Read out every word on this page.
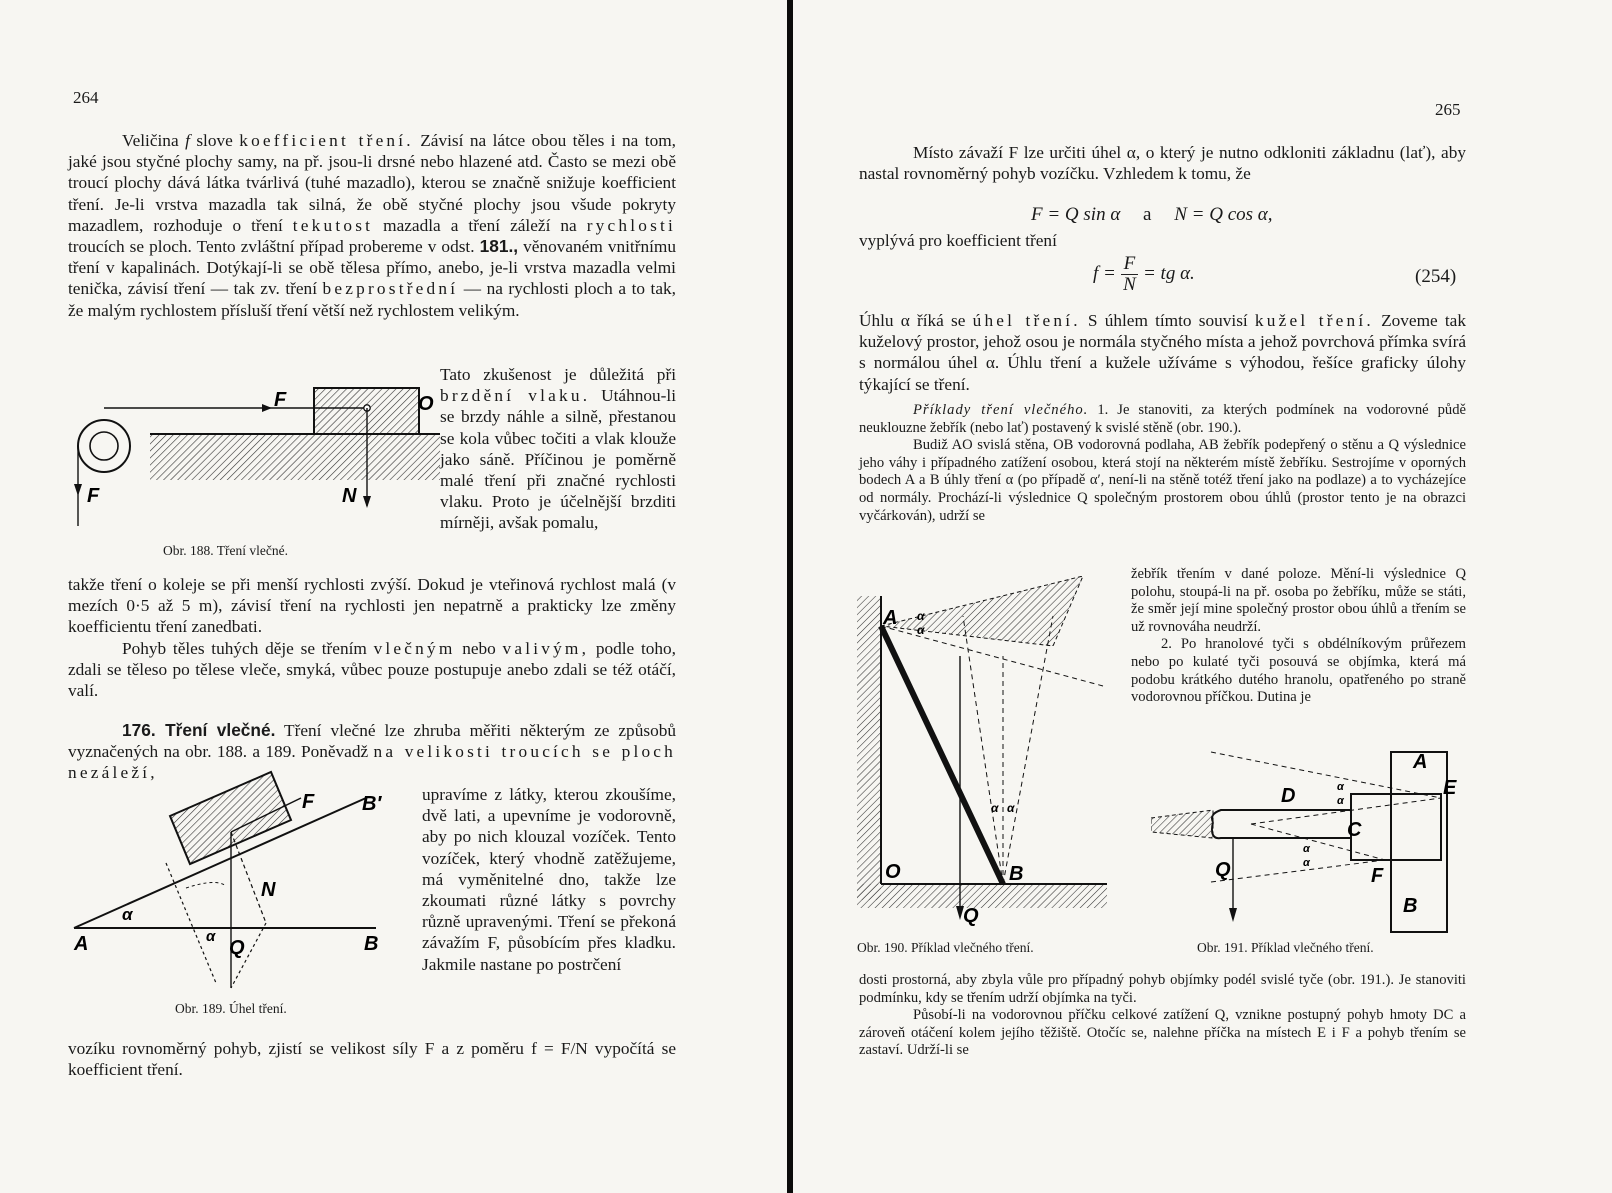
264

Veličina f slove koefficient tření. Závisí na látce obou těles i na tom, jaké jsou styčné plochy samy, na př. jsou-li drsné nebo hlazené atd. Často se mezi obě troucí plochy dává látka tvárlivá (tuhé mazadlo), kterou se značně snižuje koefficient tření. Je-li vrstva mazadla tak silná, že obě styčné plochy jsou všude pokryty mazadlem, rozhoduje o tření tekutost mazadla a tření záleží na rychlosti troucích se ploch. Tento zvláštní případ probereme v odst. 181., věnovaném vnitřnímu tření v kapalinách. Dotýkají-li se obě tělesa přímo, anebo, je-li vrstva mazadla velmi tenička, závisí tření — tak zv. tření bezprostřední — na rychlosti ploch a to tak, že malým rychlostem přísluší tření větší než rychlostem velikým.

Tato zkušenost je důležitá při brzdění vlaku. Utáhnou-li se brzdy náhle a silně, přestanou se kola vůbec točiti a vlak klouže jako sáně. Příčinou je poměrně malé tření při značné rychlosti vlaku. Proto je účelnější brzditi mírněji, avšak pomalu,

F	O
F	N
Obr. 188. Tření vlečné.

takže tření o koleje se při menší rychlosti zvýší. Dokud je vteřinová rychlost malá (v mezích 0·5 až 5 m), závisí tření na rychlosti jen nepatrně a prakticky lze změny koefficientu tření zanedbati.

Pohyb těles tuhých děje se třením vlečným nebo valivým, podle toho, zdali se těleso po tělese vleče, smyká, vůbec pouze postupuje anebo zdali se též otáčí, valí.

176. Tření vlečné. Tření vlečné lze zhruba měřiti některým ze způsobů vyznačených na obr. 188. a 189. Poněvadž na velikosti troucích se ploch nezáleží,

upravíme z látky, kterou zkoušíme, dvě lati, a upevníme je vodorovně, aby po nich klouzal vozíček. Tento vozíček, který vhodně zatěžujeme, má vyměnitelné dno, takže lze zkoumati různé látky s povrchy různě upravenými. Tření se překoná závažím F, působícím přes kladku. Jakmile nastane po postrčení

F B′
N
α
α
A	Q	B
Obr. 189. Úhel tření.

vozíku rovnoměrný pohyb, zjistí se velikost síly F a z poměru f = F/N vypočítá se koefficient tření.

265

Místo závaží F lze určiti úhel α, o který je nutno odkloniti základnu (lať), aby nastal rovnoměrný pohyb vozíčku. Vzhledem k tomu, že

F = Q sin α a N = Q cos α,

vyplývá pro koefficient tření

$f = \frac{F}{N}$ = tg α.	(254)

Úhlu α říká se úhel tření. S úhlem tímto souvisí kužel tření. Zoveme tak kuželový prostor, jehož osou je normála styčného místa a jehož povrchová přímka svírá s normálou úhel α. Úhlu tření a kužele užíváme s výhodou, řešíce graficky úlohy týkající se tření.

Příklady tření vlečného. 1. Je stanoviti, za kterých podmínek na vodorovné půdě neuklouzne žebřík (nebo lať) postavený k svislé stěně (obr. 190.).

Budiž AO svislá stěna, OB vodorovná podlaha, AB žebřík podepřený o stěnu a Q výslednice jeho váhy i případného zatížení osobou, která stojí na některém místě žebříku. Sestrojíme v oporných bodech A a B úhly tření α (po případě α′, není-li na stěně totéž tření jako na podlaze) a to vycházejíce od normály. Prochází-li výslednice Q společným prostorem obou úhlů (prostor tento je na obrazci vyčárkován), udrží se

žebřík třením v dané poloze. Mění-li výslednice Q polohu, stoupá-li na př. osoba po žebříku, může se státi, že směr její mine společný prostor obou úhlů a třením se už rovnováha neudrží.

2. Po hranolové tyči s obdélníkovým průřezem nebo po kulaté tyči posouvá se objímka, která má podobu krátkého dutého hranolu, opatřeného po straně vodorovnou příčkou. Dutina je

A
O	B
Q
α
α
α α
Obr. 190. Příklad vlečného tření.
A
E
D
C
Q	F
B
α
α
α
α
Obr. 191. Příklad vlečného tření.

dosti prostorná, aby zbyla vůle pro případný pohyb objímky podél svislé tyče (obr. 191.). Je stanoviti podmínku, kdy se třením udrží objímka na tyči.

Působí-li na vodorovnou příčku celkové zatížení Q, vznikne postupný pohyb hmoty DC a zároveň otáčení kolem jejího těžiště. Otočíc se, nalehne příčka na místech E i F a pohyb třením se zastaví. Udrží-li se
